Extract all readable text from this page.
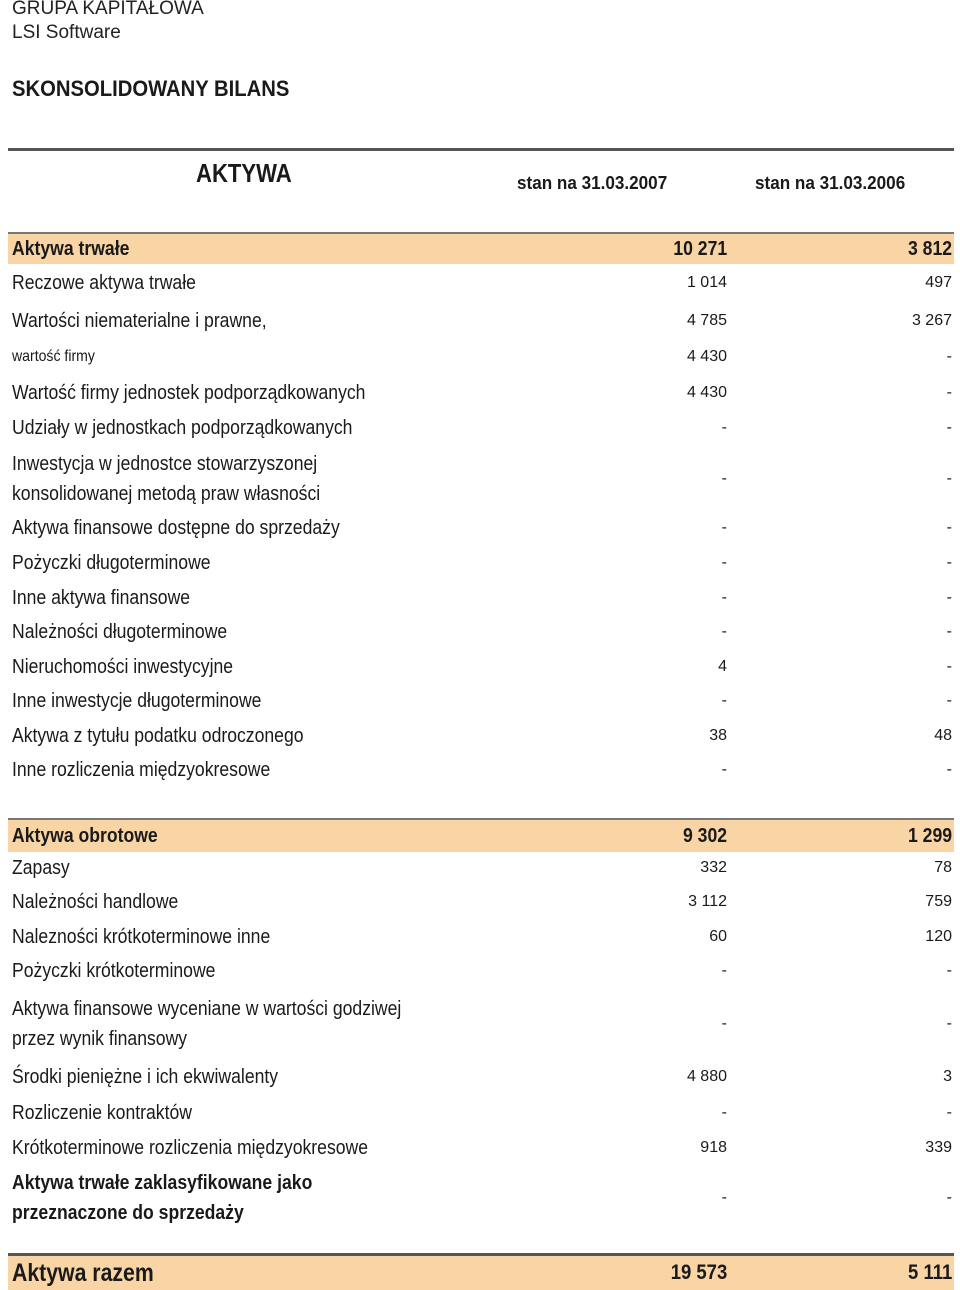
GRUPA KAPITAŁOWA
LSI Software
SKONSOLIDOWANY BILANS
AKTYWA	stan na 31.03.2007	stan na 31.03.2006
Aktywa trwałe	10 271	3 812
Reczowe aktywa trwałe	1 014	497
Wartości niematerialne i prawne,	4 785	3 267
wartość firmy	4 430	-
Wartość firmy jednostek podporządkowanych	4 430	-
Udziały w jednostkach podporządkowanych	-	-
Inwestycja w jednostce stowarzyszonej
konsolidowanej metodą praw własności
-	-
Aktywa finansowe dostępne do sprzedaży	-	-
Pożyczki długoterminowe	-	-
Inne aktywa finansowe	-	-
Należności długoterminowe	-	-
Nieruchomości inwestycyjne	4	-
Inne inwestycje długoterminowe	-	-
Aktywa z tytułu podatku odroczonego	38	48
Inne rozliczenia międzyokresowe	-	-
Aktywa obrotowe	9 302	1 299
Zapasy	332	78
Należności handlowe	3 112	759
Nalezności krótkoterminowe inne	60	120
Pożyczki krótkoterminowe	-	-
Aktywa finansowe wyceniane w wartości godziwej
przez wynik finansowy
-	-
Środki pieniężne i ich ekwiwalenty	4 880	3
Rozliczenie kontraktów	-	-
Krótkoterminowe rozliczenia międzyokresowe	918	339
Aktywa trwałe zaklasyfikowane jako
przeznaczone do sprzedaży
-	-
Aktywa razem	19 573	5 111
